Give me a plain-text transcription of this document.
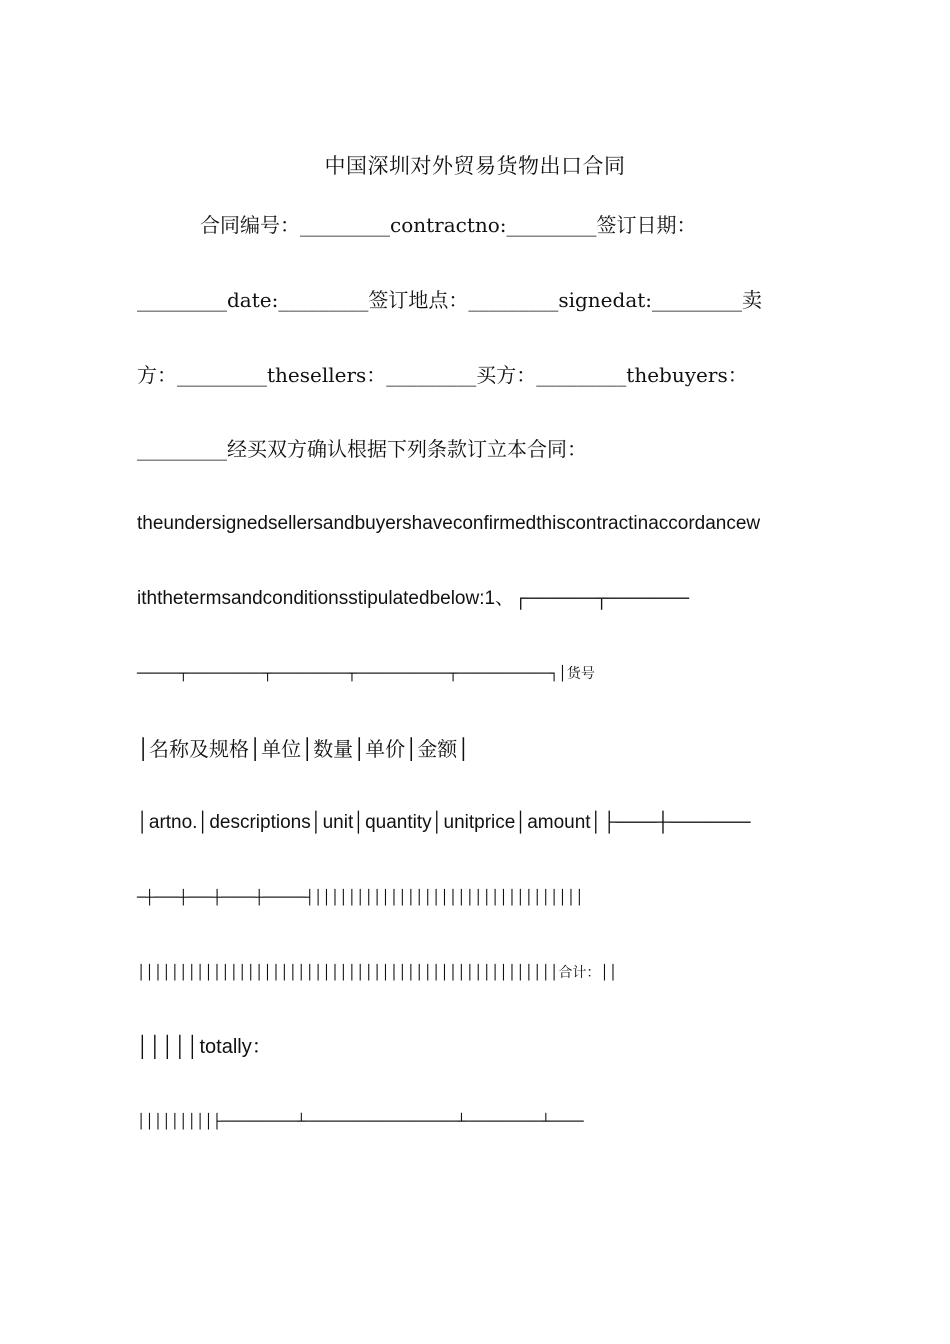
中国深圳对外贸易货物出口合同
合同编号：_________contractno:_________签订日期：
_________date:_________签订地点：_________signedat:_________卖
方：_________thesellers：_________买方：_________thebuyers：
_________经买双方确认根据下列条款订立本合同：
theundersignedsellersandbuyershaveconfirmedthiscontractinaccordancew
iththetermsandconditionsstipulatedbelow:1、┌─────┬──────
─────┬─────────┬─────────┬───────────┬───────────┐│货号
│名称及规格│单位│数量│单价│金额│
│artno.│descriptions│unit│quantity│unitprice│amount│├───┼──────
─┼───┼───┼────┼─────┤││││││││││││││││││││││││││││││││
││││││││││││││││││││││││││││││││││││││││││││││││││合计：││
│││││totally：
│││││││││├─────────┴──────────────────┴─────────┴────
